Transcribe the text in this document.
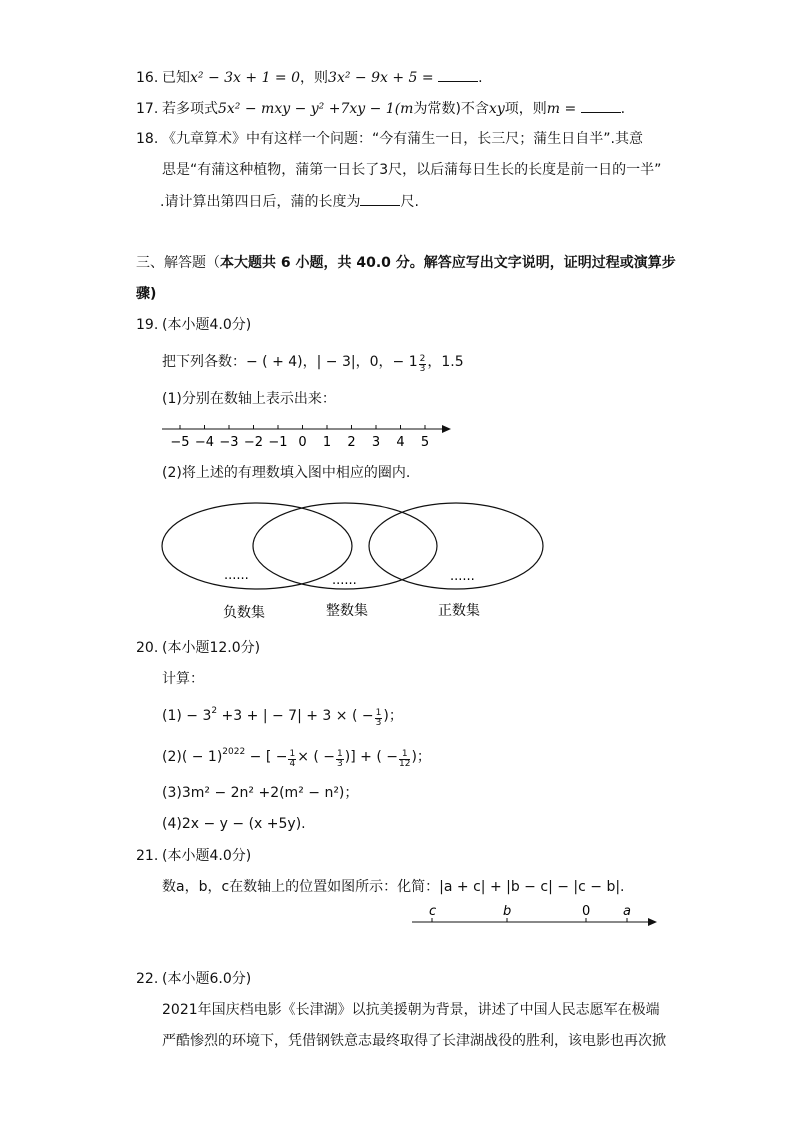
16. 已知x² − 3x + 1 = 0，则3x² − 9x + 5 =	.
17. 若多项式5x² − mxy − y² +7xy − 1(m为常数)不含xy项，则m =	.
18. 《九章算术》中有这样一个问题：“今有蒲生一日，长三尺；蒲生日自半”.其意
思是“有蒲这种植物，蒲第一日长了3尺，以后蒲每日生长的长度是前一日的一半”
.请计算出第四日后，蒲的长度为	尺.
三、解答题（本大题共 6 小题，共 40.0 分。解答应写出文字说明，证明过程或演算步
骤)
19. (本小题4.0分)
把下列各数：− ( + 4)，| − 3|，0，− $1 \frac{2}{3}$ ，1.5
(1)分别在数轴上表示出来：
−5 −4 −3 −2 −1 0 1 2 3 4 5
(2)将上述的有理数填入图中相应的圈内.
......	......	......
负数集	整数集	正数集
20. (本小题12.0分)
计算：
$(1) - 3^2 +3$ + | − 7| + 3 × ( − $\frac{1}{3}$ )；
$(2)( - 1)^{2022}$ − [ − $\frac{1}{4}$ × ( − $\frac{1}{3}$ )] + ( − $\frac{1}{12}$ )；
(3)3m² − 2n² +2(m² − n²)；
(4)2x − y − (x +5y).
21. (本小题4.0分)
数a，b，c在数轴上的位置如图所示：化简：|a + c| + |b − c| − |c − b|.
c	b	0	a
22. (本小题6.0分)
2021年国庆档电影《长津湖》以抗美援朝为背景，讲述了中国人民志愿军在极端
严酷惨烈的环境下，凭借钢铁意志最终取得了长津湖战役的胜利，该电影也再次掀
